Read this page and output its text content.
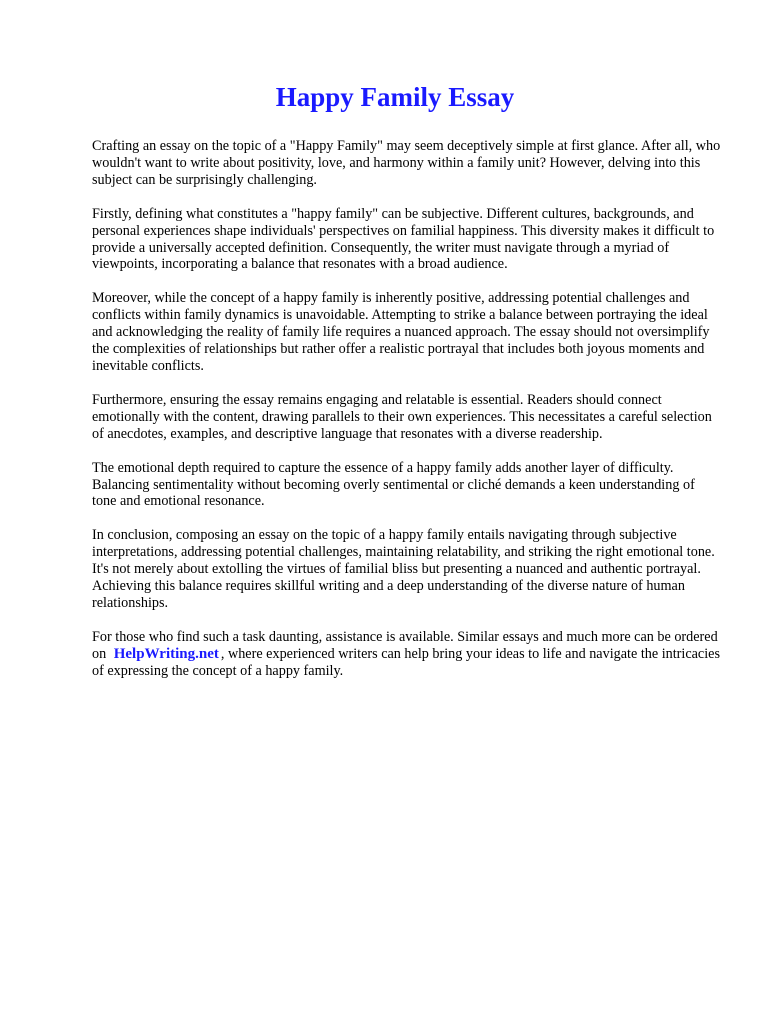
Happy Family Essay

Crafting an essay on the topic of a "Happy Family" may seem deceptively simple at first glance. After all, who wouldn't want to write about positivity, love, and harmony within a family unit? However, delving into this subject can be surprisingly challenging.

Firstly, defining what constitutes a "happy family" can be subjective. Different cultures, backgrounds, and personal experiences shape individuals' perspectives on familial happiness. This diversity makes it difficult to provide a universally accepted definition. Consequently, the writer must navigate through a myriad of viewpoints, incorporating a balance that resonates with a broad audience.

Moreover, while the concept of a happy family is inherently positive, addressing potential challenges and conflicts within family dynamics is unavoidable. Attempting to strike a balance between portraying the ideal and acknowledging the reality of family life requires a nuanced approach. The essay should not oversimplify the complexities of relationships but rather offer a realistic portrayal that includes both joyous moments and inevitable conflicts.

Furthermore, ensuring the essay remains engaging and relatable is essential. Readers should connect emotionally with the content, drawing parallels to their own experiences. This necessitates a careful selection of anecdotes, examples, and descriptive language that resonates with a diverse readership.

The emotional depth required to capture the essence of a happy family adds another layer of difficulty. Balancing sentimentality without becoming overly sentimental or cliché demands a keen understanding of tone and emotional resonance.

In conclusion, composing an essay on the topic of a happy family entails navigating through subjective interpretations, addressing potential challenges, maintaining relatability, and striking the right emotional tone. It's not merely about extolling the virtues of familial bliss but presenting a nuanced and authentic portrayal. Achieving this balance requires skillful writing and a deep understanding of the diverse nature of human relationships.

For those who find such a task daunting, assistance is available. Similar essays and much more can be ordered on HelpWriting.net , where experienced writers can help bring your ideas to life and navigate the intricacies of expressing the concept of a happy family.
